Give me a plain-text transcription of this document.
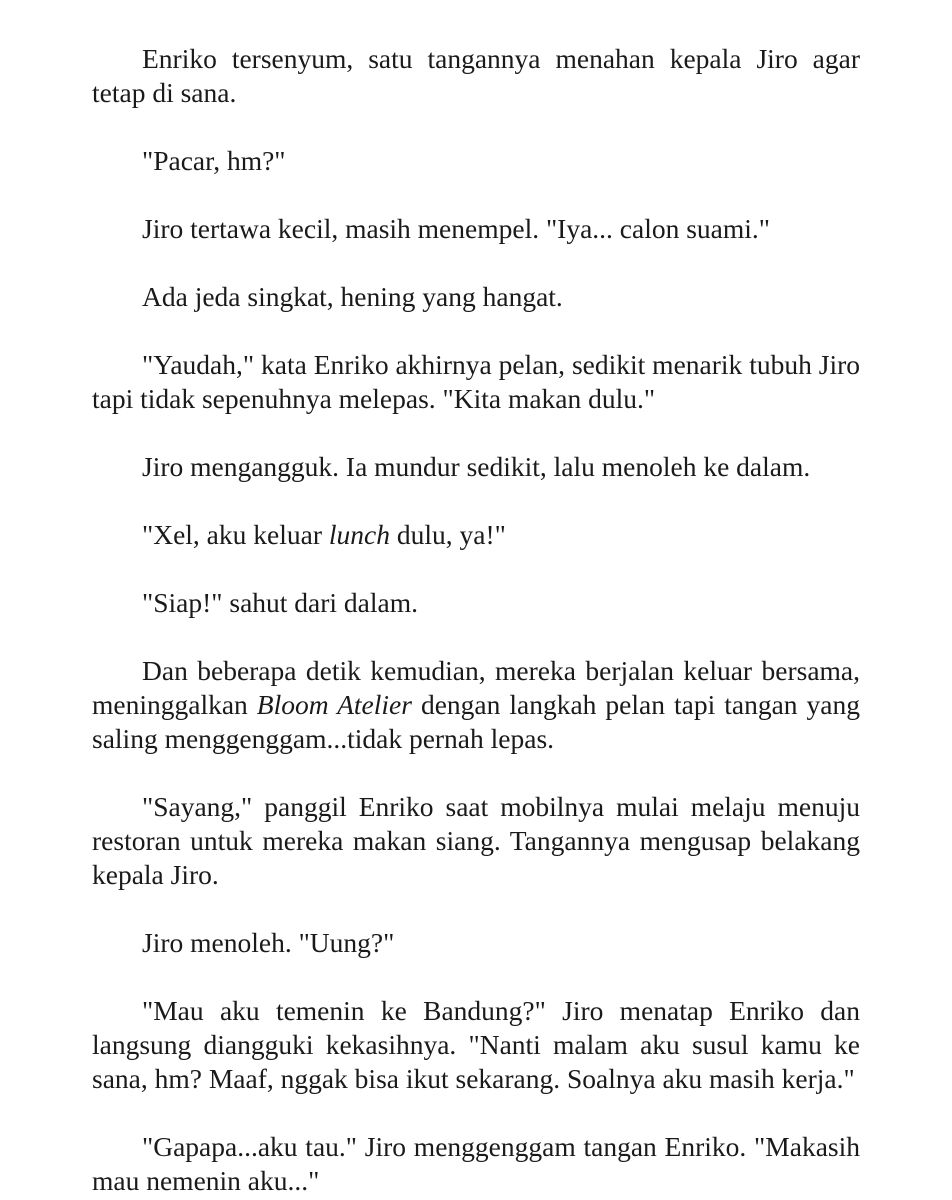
Enriko tersenyum, satu tangannya menahan kepala Jiro agar tetap di sana.

"Pacar, hm?"

Jiro tertawa kecil, masih menempel. "Iya... calon suami."

Ada jeda singkat, hening yang hangat.

"Yaudah," kata Enriko akhirnya pelan, sedikit menarik tubuh Jiro tapi tidak sepenuhnya melepas. "Kita makan dulu."

Jiro mengangguk. Ia mundur sedikit, lalu menoleh ke dalam.

"Xel, aku keluar lunch dulu, ya!"

"Siap!" sahut dari dalam.

Dan beberapa detik kemudian, mereka berjalan keluar bersama, meninggalkan Bloom Atelier dengan langkah pelan tapi tangan yang saling menggenggam...tidak pernah lepas.

"Sayang," panggil Enriko saat mobilnya mulai melaju menuju restoran untuk mereka makan siang. Tangannya mengusap belakang kepala Jiro.

Jiro menoleh. "Uung?"

"Mau aku temenin ke Bandung?" Jiro menatap Enriko dan langsung diangguki kekasihnya. "Nanti malam aku susul kamu ke sana, hm? Maaf, nggak bisa ikut sekarang. Soalnya aku masih kerja."

"Gapapa...aku tau." Jiro menggenggam tangan Enriko. "Makasih mau nemenin aku..."
